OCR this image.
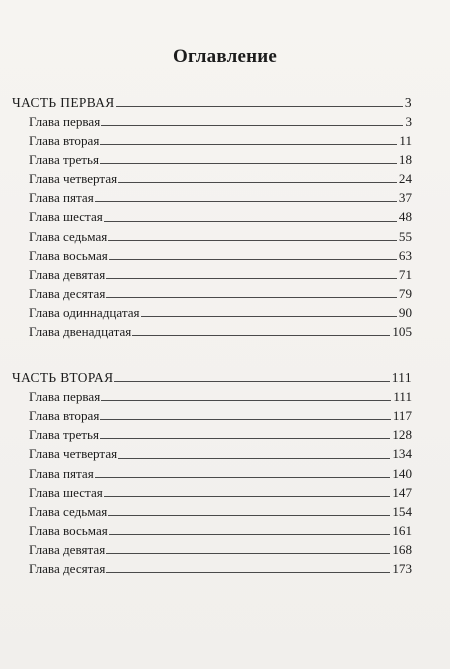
Оглавление
ЧАСТЬ ПЕРВАЯ	3
Глава первая	3
Глава вторая	11
Глава третья	18
Глава четвертая	24
Глава пятая	37
Глава шестая	48
Глава седьмая	55
Глава восьмая	63
Глава девятая	71
Глава десятая	79
Глава одиннадцатая	90
Глава двенадцатая	105
ЧАСТЬ ВТОРАЯ	111
Глава первая	111
Глава вторая	117
Глава третья	128
Глава четвертая	134
Глава пятая	140
Глава шестая	147
Глава седьмая	154
Глава восьмая	161
Глава девятая	168
Глава десятая	173
